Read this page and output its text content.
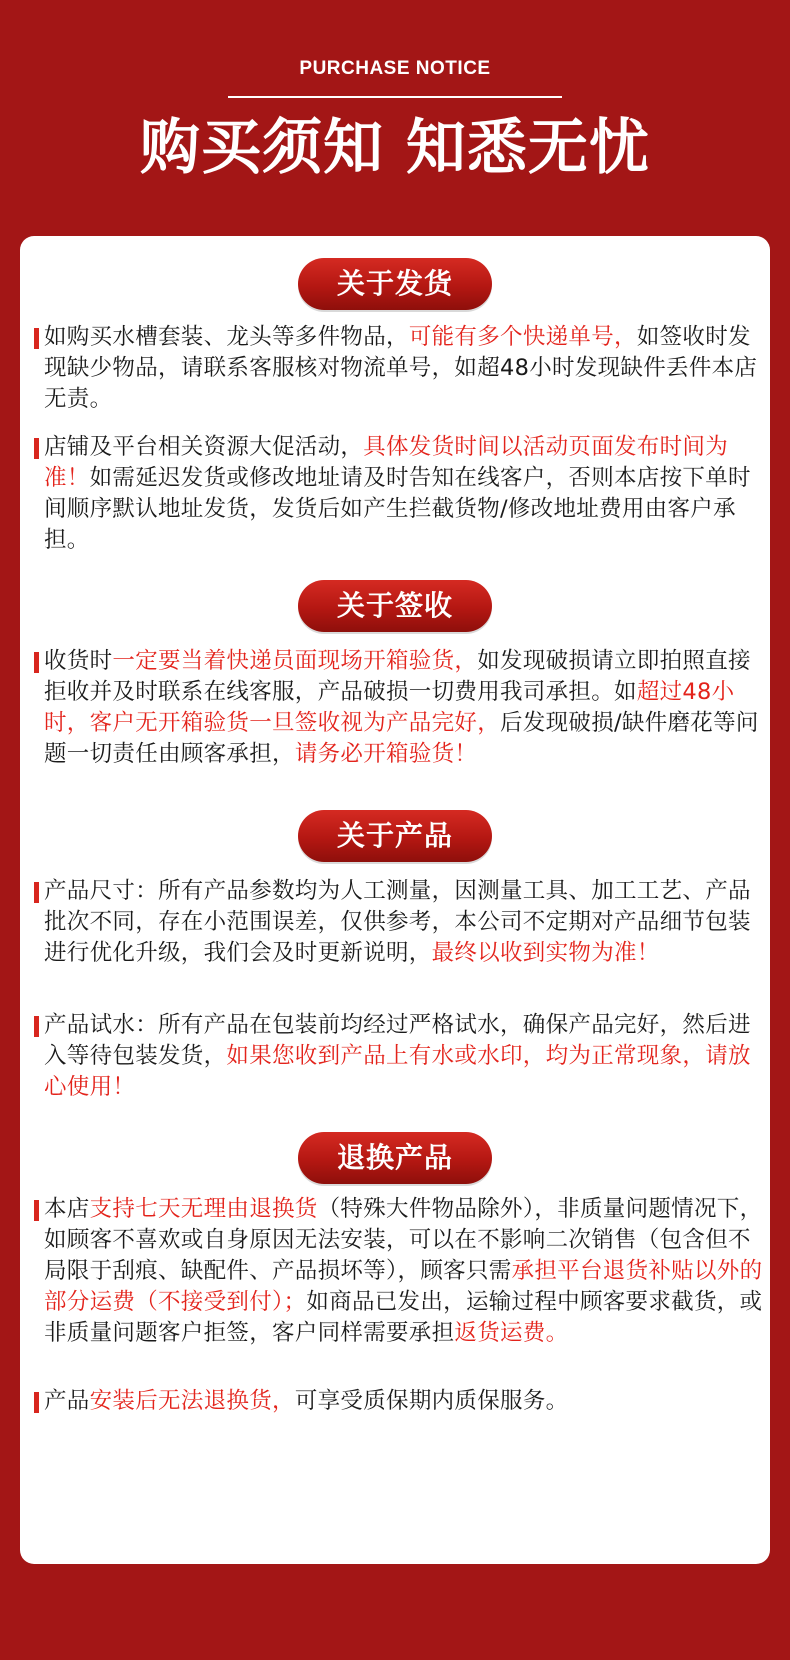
PURCHASE NOTICE
购买须知 知悉无忧
关于发货
如购买水槽套装、龙头等多件物品，可能有多个快递单号，如签收时发现缺少物品，请联系客服核对物流单号，如超48小时发现缺件丢件本店无责。
店铺及平台相关资源大促活动，具体发货时间以活动页面发布时间为准！如需延迟发货或修改地址请及时告知在线客户，否则本店按下单时间顺序默认地址发货，发货后如产生拦截货物/修改地址费用由客户承担。
关于签收
收货时一定要当着快递员面现场开箱验货，如发现破损请立即拍照直接拒收并及时联系在线客服，产品破损一切费用我司承担。如超过48小时，客户无开箱验货一旦签收视为产品完好，后发现破损/缺件磨花等问题一切责任由顾客承担，请务必开箱验货！
关于产品
产品尺寸：所有产品参数均为人工测量，因测量工具、加工工艺、产品批次不同，存在小范围误差，仅供参考，本公司不定期对产品细节包装进行优化升级，我们会及时更新说明，最终以收到实物为准！
产品试水：所有产品在包装前均经过严格试水，确保产品完好，然后进入等待包装发货，如果您收到产品上有水或水印，均为正常现象，请放心使用！
退换产品
本店支持七天无理由退换货（特殊大件物品除外），非质量问题情况下，如顾客不喜欢或自身原因无法安装，可以在不影响二次销售（包含但不局限于刮痕、缺配件、产品损坏等），顾客只需承担平台退货补贴以外的部分运费（不接受到付）；如商品已发出，运输过程中顾客要求截货，或非质量问题客户拒签，客户同样需要承担返货运费。
产品安装后无法退换货，可享受质保期内质保服务。
